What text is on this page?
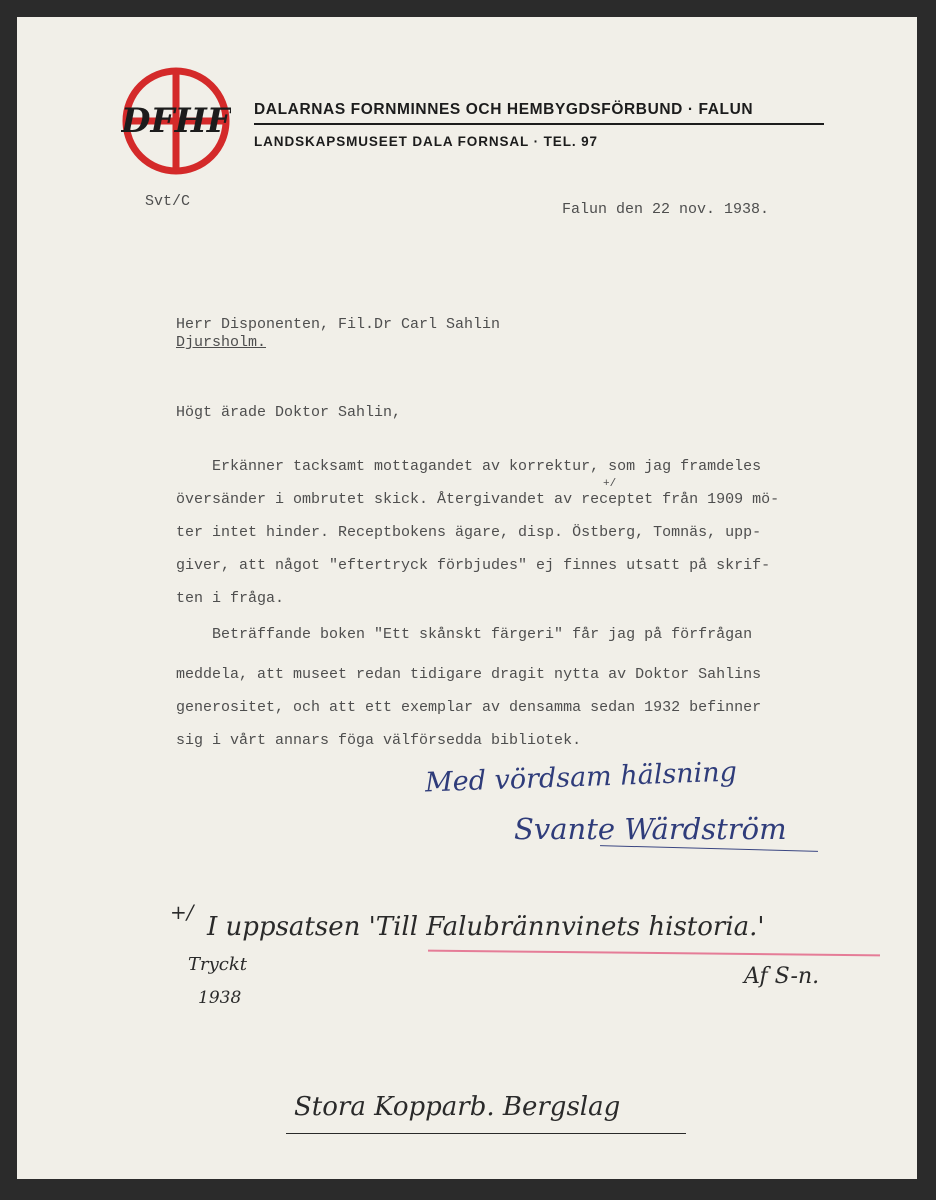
DFHF DALARNAS FORNMINNES OCH HEMBYGDSFÖRBUND · FALUN
LANDSKAPSMUSEET DALA FORNSAL · TEL. 97
Svt/C	Falun den 22 nov. 1938.
Herr Disponenten, Fil.Dr Carl Sahlin
Djursholm.
Högt ärade Doktor Sahlin,
Erkänner tacksamt mottagandet av korrektur, som jag framdeles
översänder i ombrutet skick. Återgivandet av receptet från 1909 mö-
ter intet hinder. Receptbokens ägare, disp. Östberg, Tomnäs, upp-
giver, att något "eftertryck förbjudes" ej finnes utsatt på skrif-
ten i fråga.
Beträffande boken "Ett skånskt färgeri" får jag på förfrågan
meddela, att museet redan tidigare dragit nytta av Doktor Sahlins
generositet, och att ett exemplar av densamma sedan 1932 befinner
sig i vårt annars föga välförsedda bibliotek.
+/
Med vördsam hälsning
Svante Wärdström
+/ I uppsatsen 'Till Falubrännvinets historia.'
Tryckt
1938
Af S-n.
Stora Kopparb. Bergslag
